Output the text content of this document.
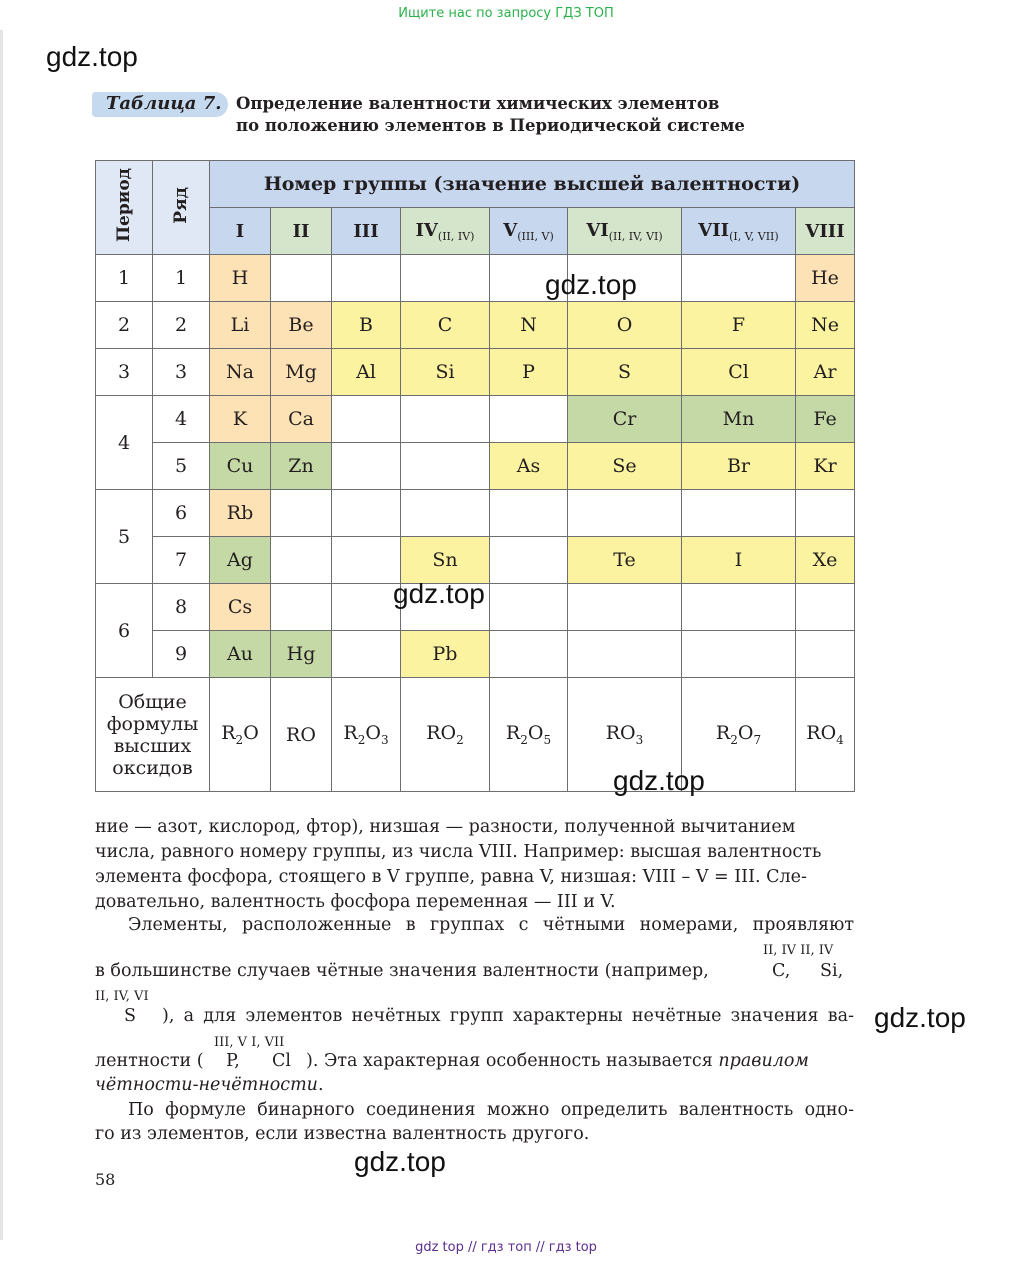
Ищите нас по запросу ГДЗ ТОП
gdz.top
Таблица 7. Определение валентности химических элементов
по положению элементов в Периодической системе
Период	Ряд	Номер группы (значение высшей валентности)							
		I	II	III	$IV_{(II, IV)}$	$V_{(III, V)}$	$VI_{(II, IV, VI)}$	$VII_{(I, V, VII)}$	VIII
1	1	H							He
2	2	Li	Be	B	C	N	O	F	Ne
3	3	Na	Mg	Al	Si	P	S	Cl	Ar
4	4	K	Ca				Cr	Mn	Fe
	5	Cu	Zn			As	Se	Br	Kr
5	6	Rb							
	7	Ag			Sn		Te	I	Xe
6	8	Cs							
	9	Au	Hg		Pb				

Общие
формулы
высших
оксидов		$R_2O$	RO	$R_2O_3$	$RO_2$	$R_2O_5$	$RO_3$	$R_2O_7$	$RO_4$
gdz.top
gdz.top
gdz.top
ние — азот, кислород, фтор), низшая — разности, полученной вычитанием
числа, равного номеру группы, из числа VIII. Например: высшая валентность
элемента фосфора, стоящего в V группе, равна V, низшая: VIII – V = III. Сле-
довательно, валентность фосфора переменная — III и V.
Элементы, расположенные в группах с чётными номерами, проявляют
II, IV II, IV
в большинстве случаев чётные значения валентности (например,	C, Si,
II, IV, VI
S ), а для элементов нечётных групп характерны нечётные значения ва- gdz.top
III, V I, VII
лентности ( P, Cl ). Эта характерная особенность называется правилом
чётности-нечётности.
По формуле бинарного соединения можно определить валентность одно-
го из элементов, если известна валентность другого.
gdz.top
58
gdz top // гдз топ // гдз top
